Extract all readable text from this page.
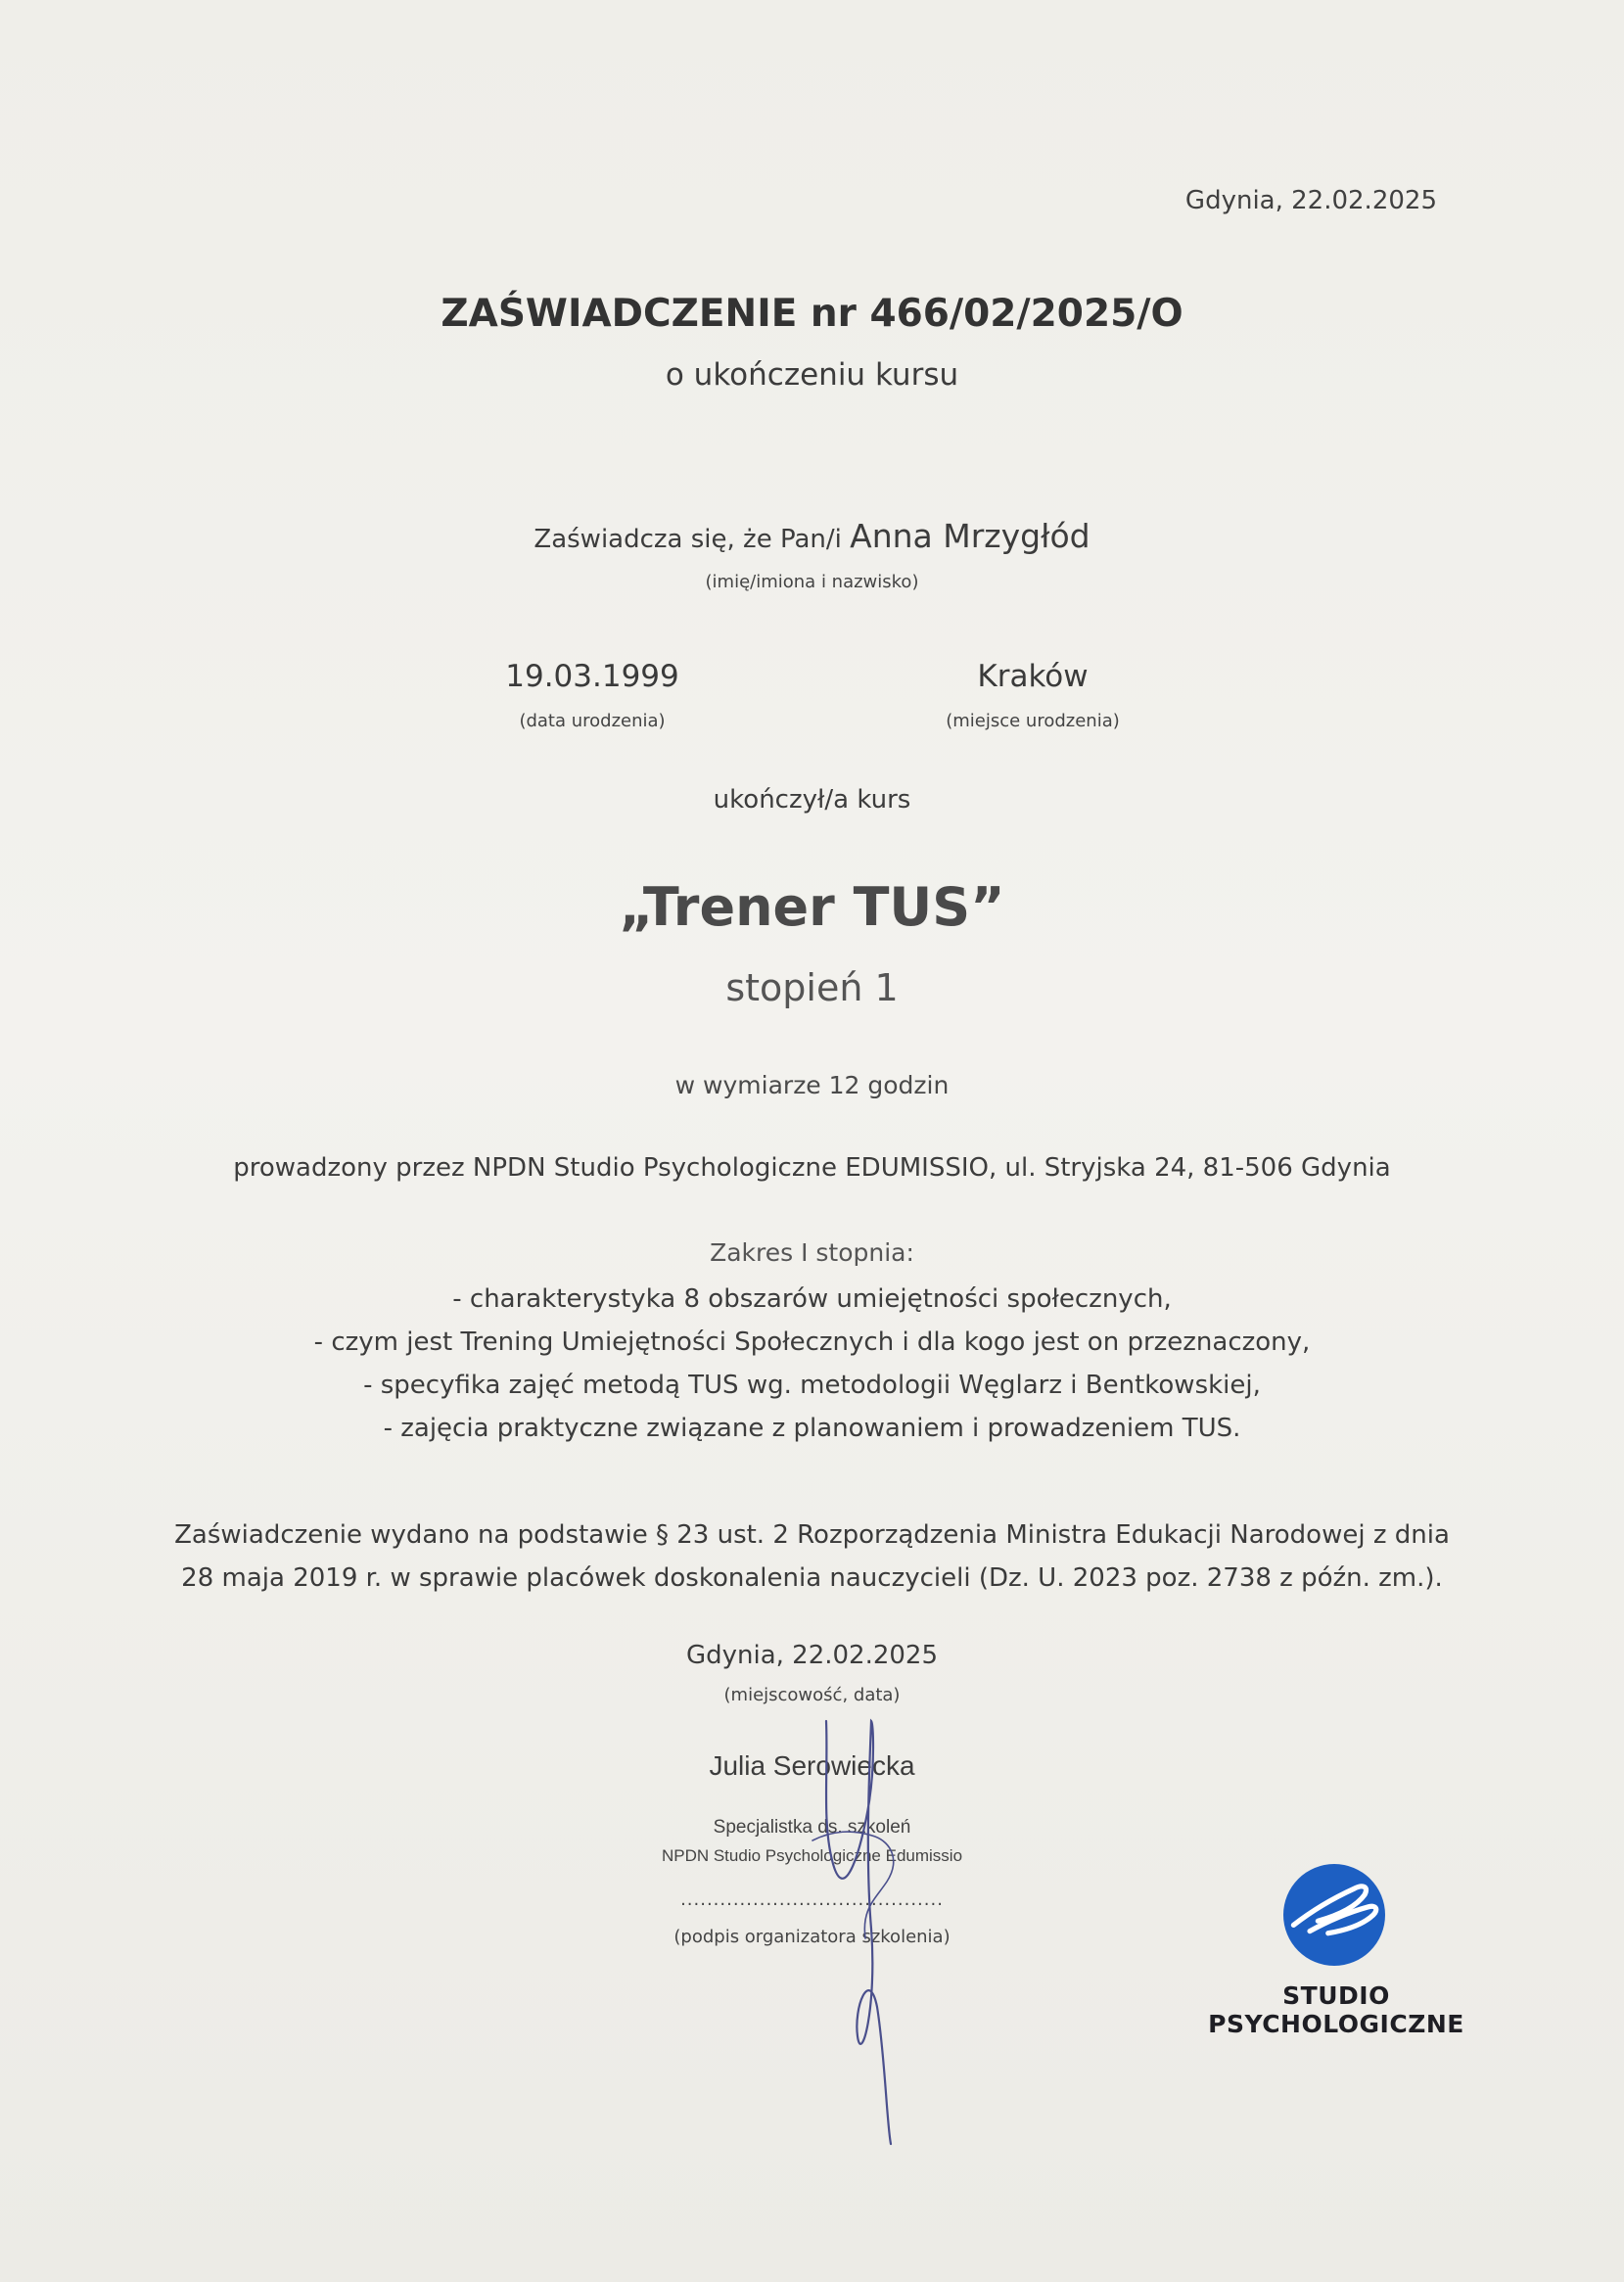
Gdynia, 22.02.2025
ZAŚWIADCZENIE nr 466/02/2025/O
o ukończeniu kursu
Zaświadcza się, że Pan/i Anna Mrzygłód
(imię/imiona i nazwisko)
19.03.1999
(data urodzenia)
Kraków
(miejsce urodzenia)
ukończył/a kurs
„Trener TUS”
stopień 1
w wymiarze 12 godzin
prowadzony przez NPDN Studio Psychologiczne EDUMISSIO, ul. Stryjska 24, 81-506 Gdynia
Zakres I stopnia:
- charakterystyka 8 obszarów umiejętności społecznych,
- czym jest Trening Umiejętności Społecznych i dla kogo jest on przeznaczony,
- specyfika zajęć metodą TUS wg. metodologii Węglarz i Bentkowskiej,
- zajęcia praktyczne związane z planowaniem i prowadzeniem TUS.

Zaświadczenie wydano na podstawie § 23 ust. 2 Rozporządzenia Ministra Edukacji Narodowej z dnia

28 maja 2019 r. w sprawie placówek doskonalenia nauczycieli (Dz. U. 2023 poz. 2738 z późn. zm.).

Gdynia, 22.02.2025
(miejscowość, data)
Julia Serowiecka
Specjalistka ds. szkoleń
NPDN Studio Psychologiczne Edumissio
........................................
(podpis organizatora szkolenia)
STUDIO
PSYCHOLOGICZNE
